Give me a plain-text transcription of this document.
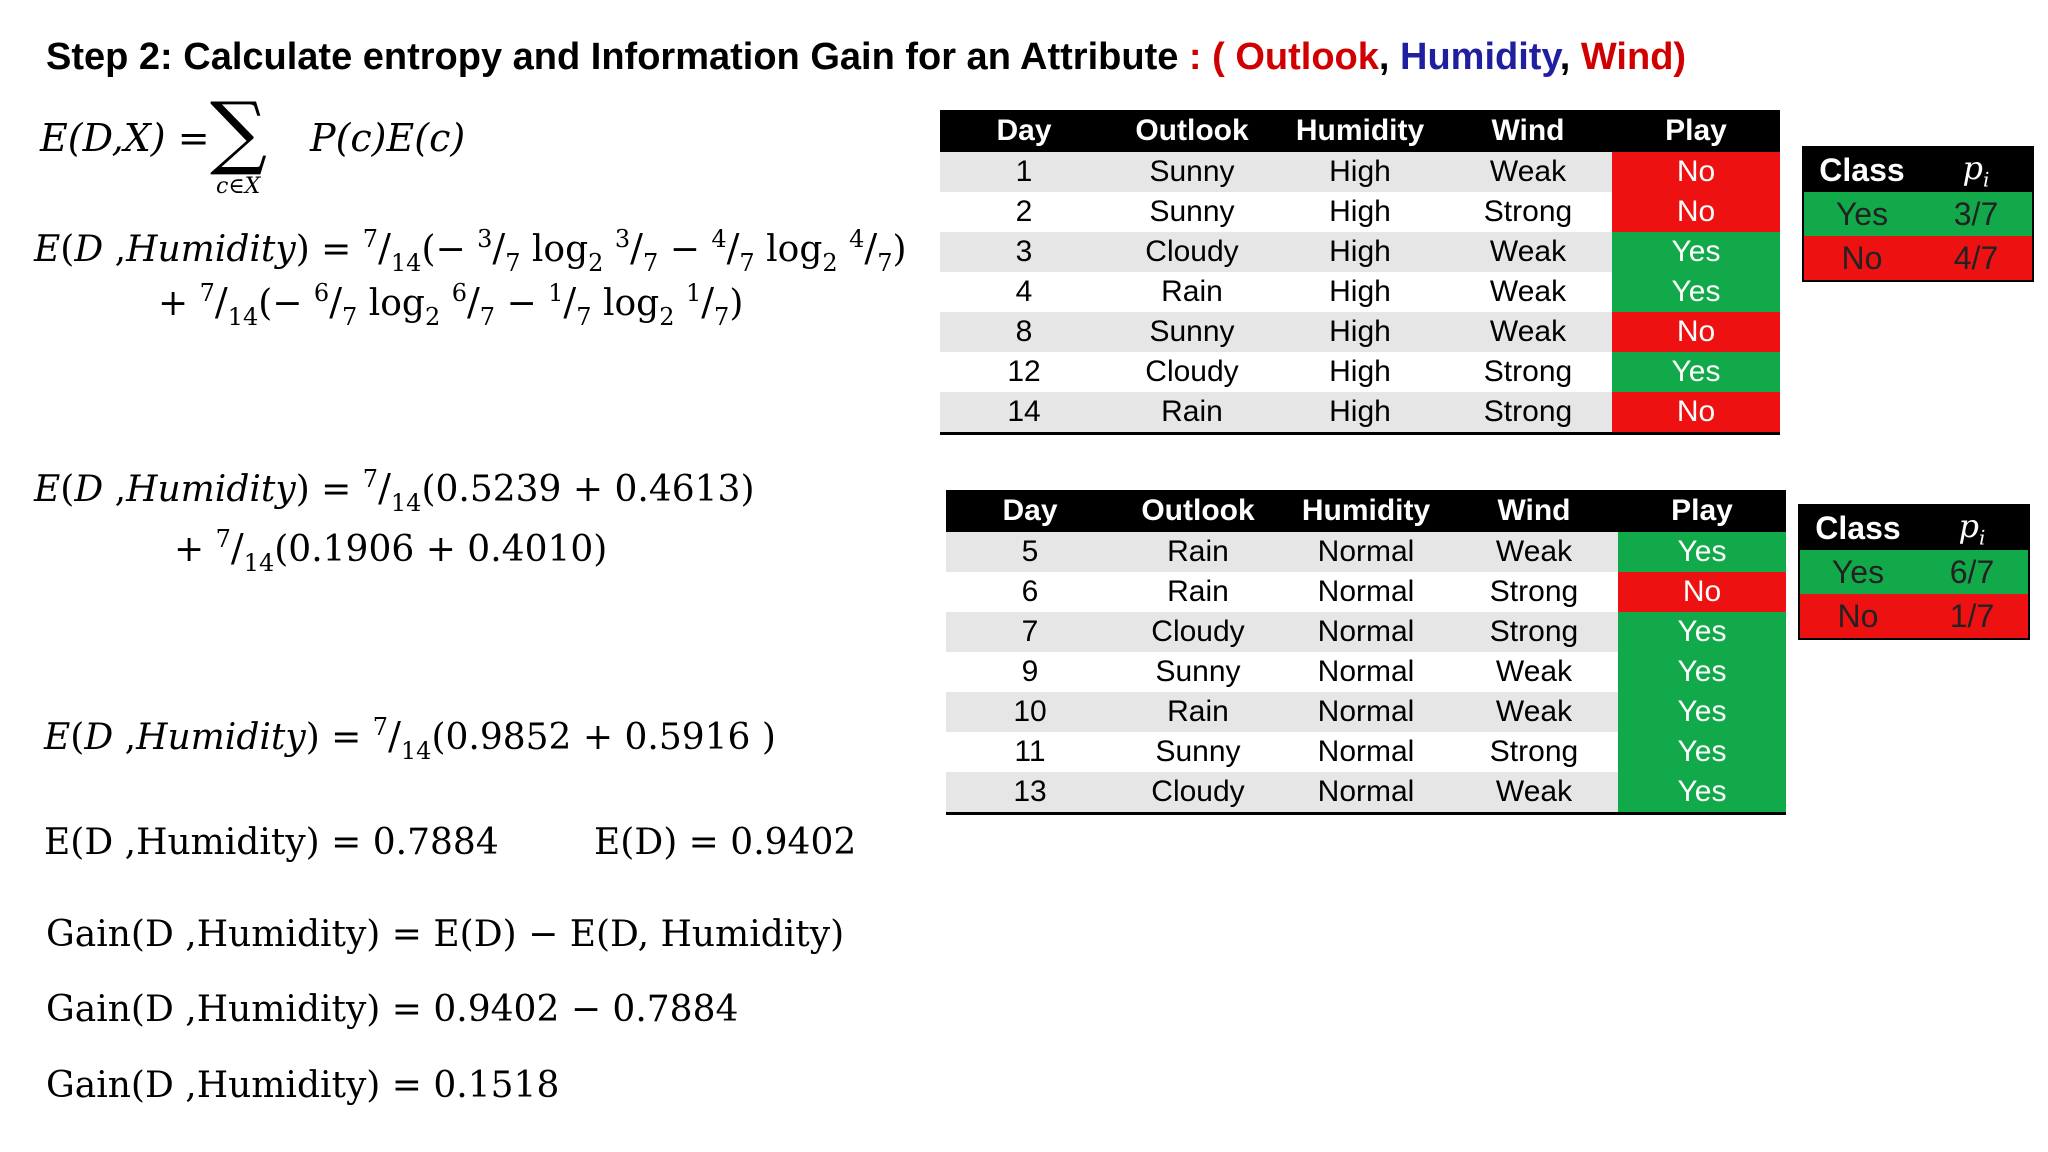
Step 2: Calculate entropy and Information Gain for an Attribute : ( Outlook, Humidity, Wind)
E(D,X) = ∑
c∈X
P(c)E(c)
E(D ,Humidity) = $^7/_{14}(- ^3/_7$ $\log_2 ^3/_7 - ^4/_7$ $\log_2 ^4/_7$)
+ $^7/_{14}(- ^6/_7$ $\log_2 ^6/_7 - ^1/_7$ $\log_2 ^1/_7$)
E(D ,Humidity) = $^7/_{14}(0.5239 + 0.4613)$
+ $^7/_{14}(0.1906 + 0.4010)$
E(D ,Humidity) = $^7/_{14}(0.9852 + 0.5916$ )
E(D ,Humidity) = 0.7884	E(D) = 0.9402
Gain(D ,Humidity) = E(D) − E(D, Humidity)
Gain(D ,Humidity) = 0.9402 − 0.7884
Gain(D ,Humidity) = 0.1518
Day	Outlook	Humidity	Wind	Play
1	Sunny	High	Weak	No
2	Sunny	High	Strong	No
3	Cloudy	High	Weak	Yes
4	Rain	High	Weak	Yes
8	Sunny	High	Weak	No
12	Cloudy	High	Strong	Yes
14	Rain	High	Strong	No
Day	Outlook	Humidity	Wind	Play
5	Rain	Normal	Weak	Yes
6	Rain	Normal	Strong	No
7	Cloudy	Normal	Strong	Yes
9	Sunny	Normal	Weak	Yes
10	Rain	Normal	Weak	Yes
11	Sunny	Normal	Strong	Yes
13	Cloudy	Normal	Weak	Yes
Class	$p_i$
Yes	3/7
No	4/7
Class	$p_i$
Yes	6/7
No	1/7
